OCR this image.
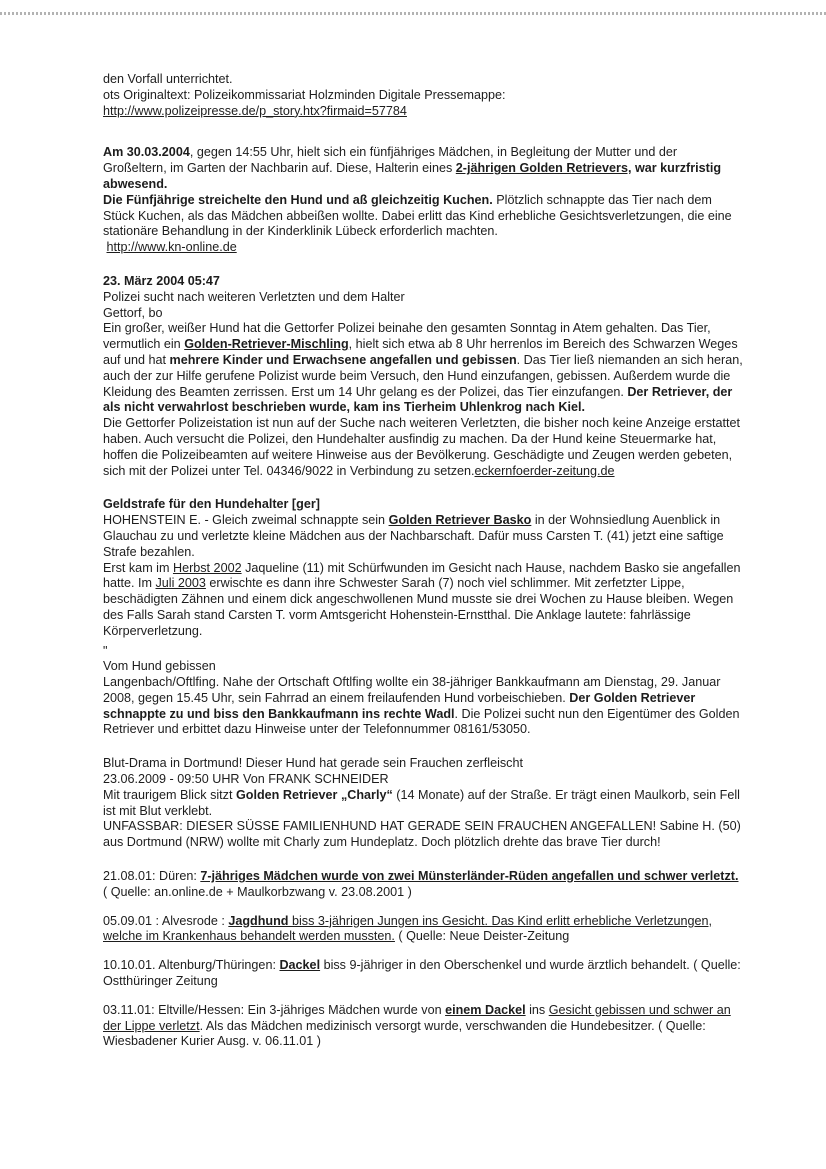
den Vorfall unterrichtet.

ots Originaltext: Polizeikommissariat Holzminden Digitale Pressemappe:

http://www.polizeipresse.de/p_story.htx?firmaid=57784

Am 30.03.2004, gegen 14:55 Uhr, hielt sich ein fünfjähriges Mädchen, in Begleitung der Mutter und der Großeltern, im Garten der Nachbarin auf. Diese, Halterin eines 2-jährigen Golden Retrievers, war kurzfristig abwesend.

Die Fünfjährige streichelte den Hund und aß gleichzeitig Kuchen. Plötzlich schnappte das Tier nach dem Stück Kuchen, als das Mädchen abbeißen wollte. Dabei erlitt das Kind erhebliche Gesichtsverletzungen, die eine stationäre Behandlung in der Kinderklinik Lübeck erforderlich machten.

http://www.kn-online.de

23. März 2004 05:47

Polizei sucht nach weiteren Verletzten und dem Halter

Gettorf, bo

Ein großer, weißer Hund hat die Gettorfer Polizei beinahe den gesamten Sonntag in Atem gehalten. Das Tier, vermutlich ein Golden-Retriever-Mischling, hielt sich etwa ab 8 Uhr herrenlos im Bereich des Schwarzen Weges auf und hat mehrere Kinder und Erwachsene angefallen und gebissen. Das Tier ließ niemanden an sich heran, auch der zur Hilfe gerufene Polizist wurde beim Versuch, den Hund einzufangen, gebissen. Außerdem wurde die Kleidung des Beamten zerrissen. Erst um 14 Uhr gelang es der Polizei, das Tier einzufangen. Der Retriever, der als nicht verwahrlost beschrieben wurde, kam ins Tierheim Uhlenkrog nach Kiel.

Die Gettorfer Polizeistation ist nun auf der Suche nach weiteren Verletzten, die bisher noch keine Anzeige erstattet haben. Auch versucht die Polizei, den Hundehalter ausfindig zu machen. Da der Hund keine Steuermarke hat, hoffen die Polizeibeamten auf weitere Hinweise aus der Bevölkerung. Geschädigte und Zeugen werden gebeten, sich mit der Polizei unter Tel. 04346/9022 in Verbindung zu setzen.eckernfoerder-zeitung.de

Geldstrafe für den Hundehalter [ger]

HOHENSTEIN E. - Gleich zweimal schnappte sein Golden Retriever Basko in der Wohnsiedlung Auenblick in Glauchau zu und verletzte kleine Mädchen aus der Nachbarschaft. Dafür muss Carsten T. (41) jetzt eine saftige Strafe bezahlen.

Erst kam im Herbst 2002 Jaqueline (11) mit Schürfwunden im Gesicht nach Hause, nachdem Basko sie angefallen hatte. Im Juli 2003 erwischte es dann ihre Schwester Sarah (7) noch viel schlimmer. Mit zerfetzter Lippe, beschädigten Zähnen und einem dick angeschwollenen Mund musste sie drei Wochen zu Hause bleiben. Wegen des Falls Sarah stand Carsten T. vorm Amtsgericht Hohenstein-Ernstthal. Die Anklage lautete: fahrlässige Körperverletzung.

"

Vom Hund gebissen

Langenbach/Oftlfing. Nahe der Ortschaft Oftlfing wollte ein 38-jähriger Bankkaufmann am Dienstag, 29. Januar 2008, gegen 15.45 Uhr, sein Fahrrad an einem freilaufenden Hund vorbeischieben. Der Golden Retriever schnappte zu und biss den Bankkaufmann ins rechte Wadl. Die Polizei sucht nun den Eigentümer des Golden Retriever und erbittet dazu Hinweise unter der Telefonnummer 08161/53050.

Blut-Drama in Dortmund! Dieser Hund hat gerade sein Frauchen zerfleischt

23.06.2009 - 09:50 UHR Von FRANK SCHNEIDER

Mit traurigem Blick sitzt Golden Retriever „Charly“ (14 Monate) auf der Straße. Er trägt einen Maulkorb, sein Fell ist mit Blut verklebt.

UNFASSBAR: DIESER SÜSSE FAMILIENHUND HAT GERADE SEIN FRAUCHEN ANGEFALLEN! Sabine H. (50) aus Dortmund (NRW) wollte mit Charly zum Hundeplatz. Doch plötzlich drehte das brave Tier durch!

21.08.01: Düren: 7-jähriges Mädchen wurde von zwei Münsterländer-Rüden angefallen und schwer verletzt. ( Quelle: an.online.de + Maulkorbzwang v. 23.08.2001 )

05.09.01 : Alvesrode : Jagdhund biss 3-jährigen Jungen ins Gesicht. Das Kind erlitt erhebliche Verletzungen, welche im Krankenhaus behandelt werden mussten. ( Quelle: Neue Deister-Zeitung

10.10.01. Altenburg/Thüringen: Dackel biss 9-jähriger in den Oberschenkel und wurde ärztlich behandelt. ( Quelle: Ostthüringer Zeitung

03.11.01: Eltville/Hessen: Ein 3-jähriges Mädchen wurde von einem Dackel ins Gesicht gebissen und schwer an der Lippe verletzt. Als das Mädchen medizinisch versorgt wurde, verschwanden die Hundebesitzer. ( Quelle: Wiesbadener Kurier Ausg. v. 06.11.01 )
